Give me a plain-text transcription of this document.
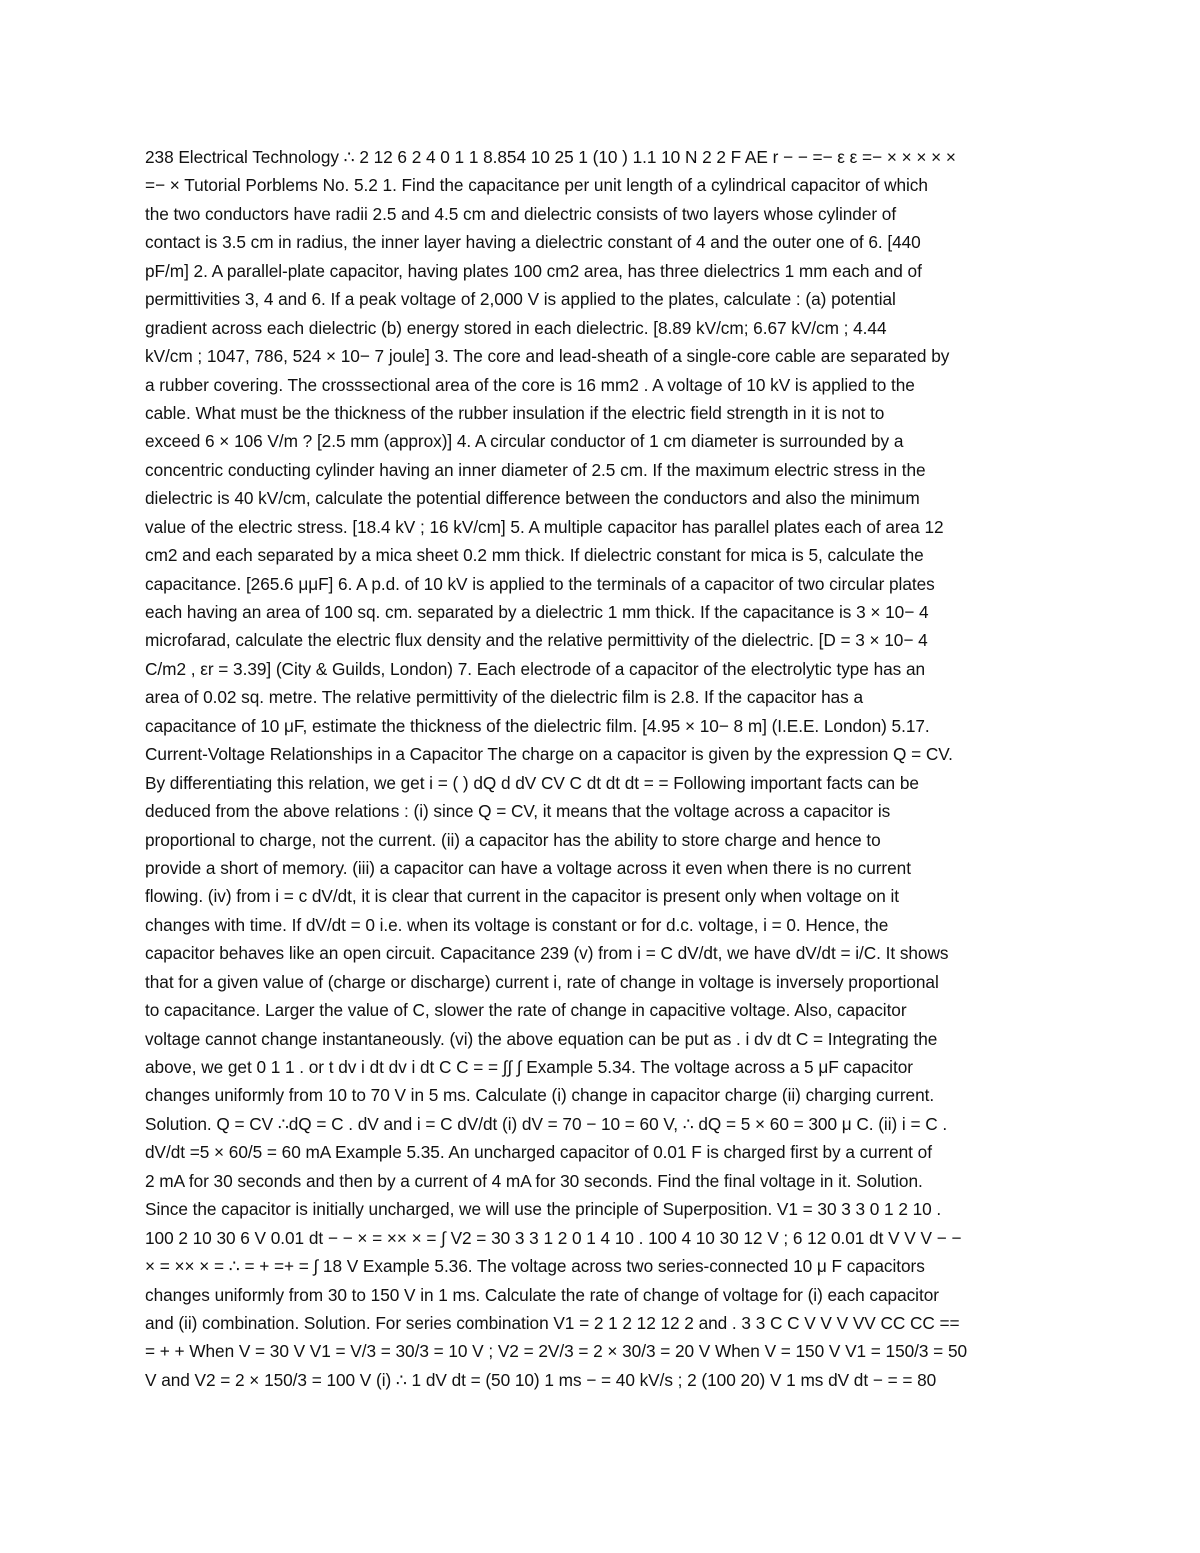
238 Electrical Technology ∴ 2 12 6 2 4 0 1 1 8.854 10 25 1 (10 ) 1.1 10 N 2 2 F AE r − − =− ε ε =− × × × × ×
=− × Tutorial Porblems No. 5.2 1. Find the capacitance per unit length of a cylindrical capacitor of which
the two conductors have radii 2.5 and 4.5 cm and dielectric consists of two layers whose cylinder of
contact is 3.5 cm in radius, the inner layer having a dielectric constant of 4 and the outer one of 6. [440
pF/m] 2. A parallel-plate capacitor, having plates 100 cm2 area, has three dielectrics 1 mm each and of
permittivities 3, 4 and 6. If a peak voltage of 2,000 V is applied to the plates, calculate : (a) potential
gradient across each dielectric (b) energy stored in each dielectric. [8.89 kV/cm; 6.67 kV/cm ; 4.44
kV/cm ; 1047, 786, 524 × 10− 7 joule] 3. The core and lead-sheath of a single-core cable are separated by
a rubber covering. The crosssectional area of the core is 16 mm2 . A voltage of 10 kV is applied to the
cable. What must be the thickness of the rubber insulation if the electric field strength in it is not to
exceed 6 × 106 V/m ? [2.5 mm (approx)] 4. A circular conductor of 1 cm diameter is surrounded by a
concentric conducting cylinder having an inner diameter of 2.5 cm. If the maximum electric stress in the
dielectric is 40 kV/cm, calculate the potential difference between the conductors and also the minimum
value of the electric stress. [18.4 kV ; 16 kV/cm] 5. A multiple capacitor has parallel plates each of area 12
cm2 and each separated by a mica sheet 0.2 mm thick. If dielectric constant for mica is 5, calculate the
capacitance. [265.6 μμF] 6. A p.d. of 10 kV is applied to the terminals of a capacitor of two circular plates
each having an area of 100 sq. cm. separated by a dielectric 1 mm thick. If the capacitance is 3 × 10− 4
microfarad, calculate the electric flux density and the relative permittivity of the dielectric. [D = 3 × 10− 4
C/m2 , εr = 3.39] (City & Guilds, London) 7. Each electrode of a capacitor of the electrolytic type has an
area of 0.02 sq. metre. The relative permittivity of the dielectric film is 2.8. If the capacitor has a
capacitance of 10 μF, estimate the thickness of the dielectric film. [4.95 × 10− 8 m] (I.E.E. London) 5.17.
Current-Voltage Relationships in a Capacitor The charge on a capacitor is given by the expression Q = CV.
By differentiating this relation, we get i = ( ) dQ d dV CV C dt dt dt = = Following important facts can be
deduced from the above relations : (i) since Q = CV, it means that the voltage across a capacitor is
proportional to charge, not the current. (ii) a capacitor has the ability to store charge and hence to
provide a short of memory. (iii) a capacitor can have a voltage across it even when there is no current
flowing. (iv) from i = c dV/dt, it is clear that current in the capacitor is present only when voltage on it
changes with time. If dV/dt = 0 i.e. when its voltage is constant or for d.c. voltage, i = 0. Hence, the
capacitor behaves like an open circuit. Capacitance 239 (v) from i = C dV/dt, we have dV/dt = i/C. It shows
that for a given value of (charge or discharge) current i, rate of change in voltage is inversely proportional
to capacitance. Larger the value of C, slower the rate of change in capacitive voltage. Also, capacitor
voltage cannot change instantaneously. (vi) the above equation can be put as . i dv dt C = Integrating the
above, we get 0 1 1 . or t dv i dt dv i dt C C = = ∫∫ ∫ Example 5.34. The voltage across a 5 μF capacitor
changes uniformly from 10 to 70 V in 5 ms. Calculate (i) change in capacitor charge (ii) charging current.
Solution. Q = CV ∴dQ = C . dV and i = C dV/dt (i) dV = 70 − 10 = 60 V, ∴ dQ = 5 × 60 = 300 μ C. (ii) i = C .
dV/dt =5 × 60/5 = 60 mA Example 5.35. An uncharged capacitor of 0.01 F is charged first by a current of
2 mA for 30 seconds and then by a current of 4 mA for 30 seconds. Find the final voltage in it. Solution.
Since the capacitor is initially uncharged, we will use the principle of Superposition. V1 = 30 3 3 0 1 2 10 .
100 2 10 30 6 V 0.01 dt − − × = ×× × = ∫ V2 = 30 3 3 1 2 0 1 4 10 . 100 4 10 30 12 V ; 6 12 0.01 dt V V V − −
× = ×× × = ∴ = + =+ = ∫ 18 V Example 5.36. The voltage across two series-connected 10 μ F capacitors
changes uniformly from 30 to 150 V in 1 ms. Calculate the rate of change of voltage for (i) each capacitor
and (ii) combination. Solution. For series combination V1 = 2 1 2 12 12 2 and . 3 3 C C V V V VV CC CC ==
= + + When V = 30 V V1 = V/3 = 30/3 = 10 V ; V2 = 2V/3 = 2 × 30/3 = 20 V When V = 150 V V1 = 150/3 = 50
V and V2 = 2 × 150/3 = 100 V (i) ∴ 1 dV dt = (50 10) 1 ms − = 40 kV/s ; 2 (100 20) V 1 ms dV dt − = = 80
